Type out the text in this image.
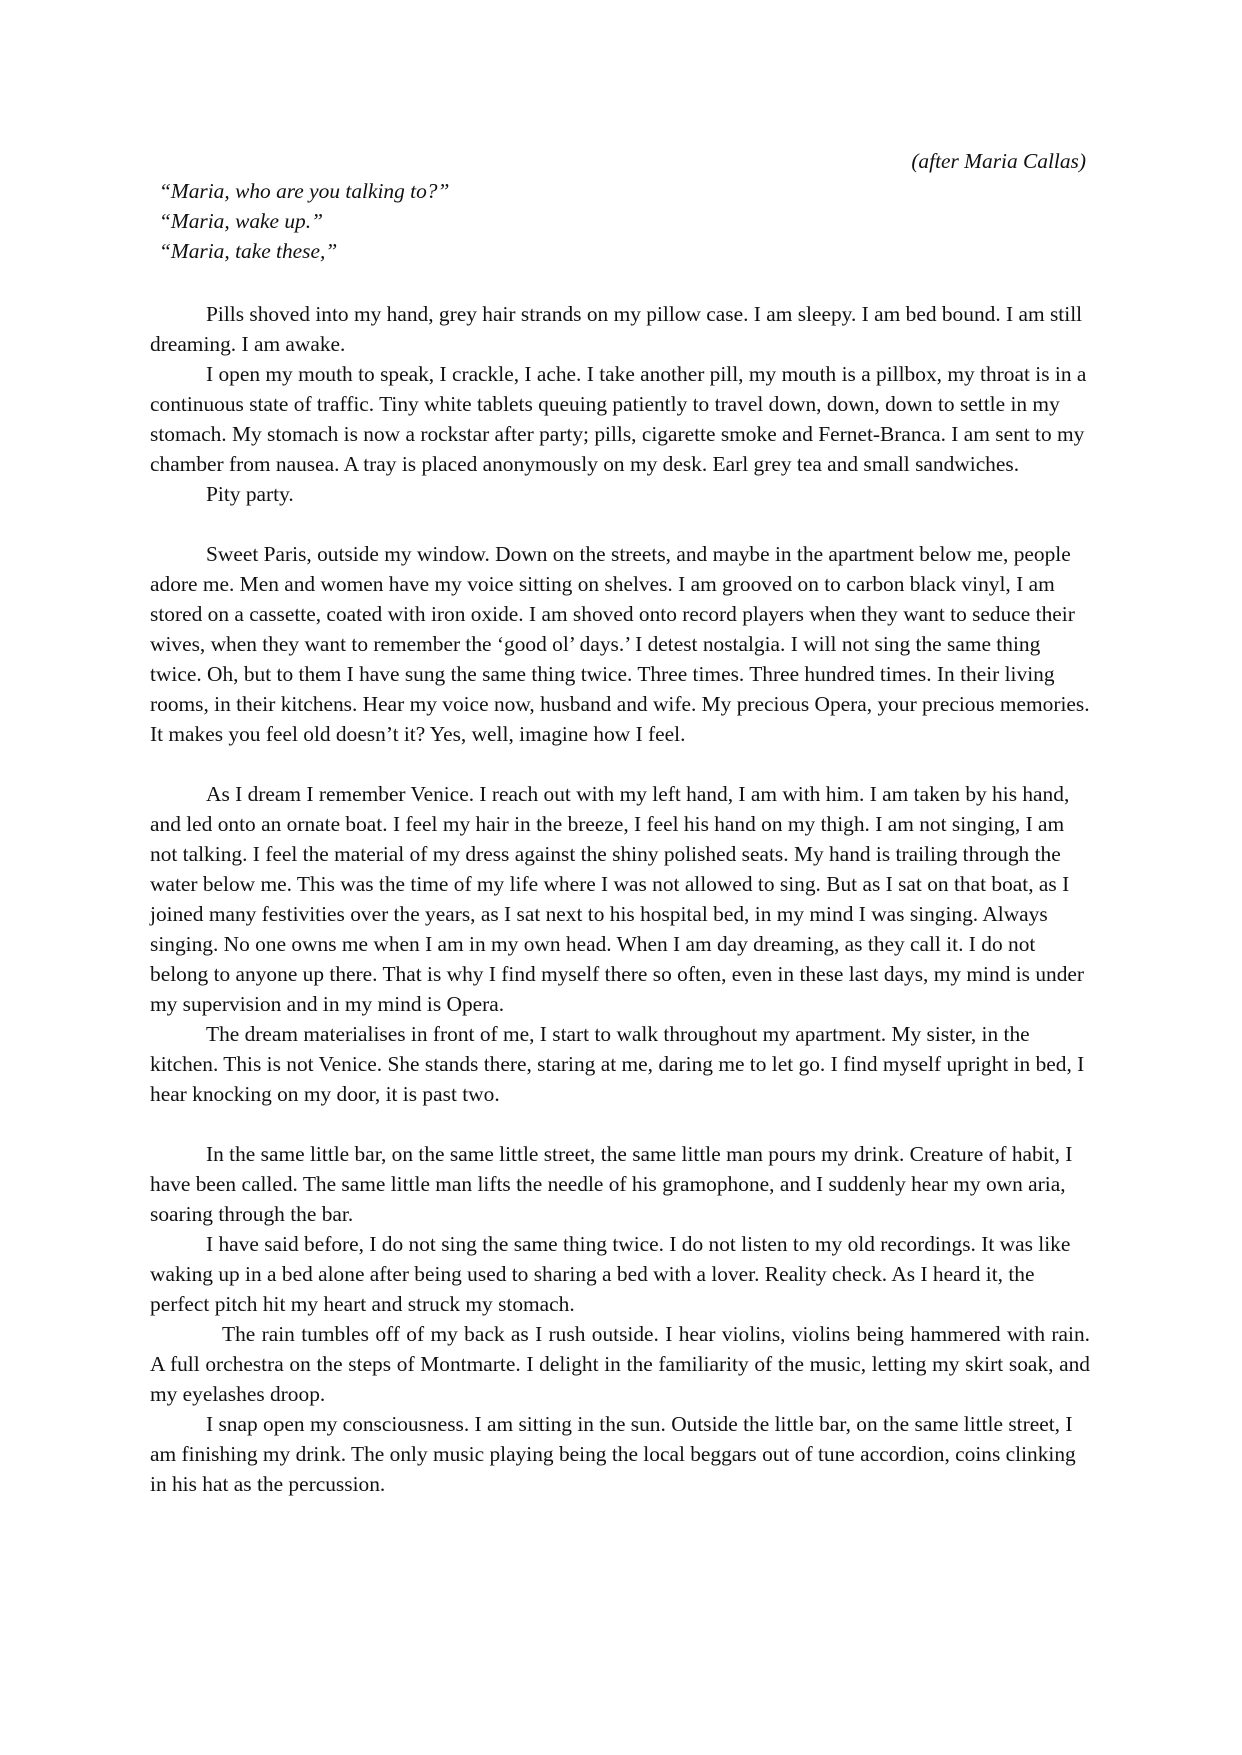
(after Maria Callas)
“Maria, who are you talking to?”
“Maria, wake up.”
“Maria, take these,”

Pills shoved into my hand, grey hair strands on my pillow case. I am sleepy. I am bed bound. I am still dreaming. I am awake.

I open my mouth to speak, I crackle, I ache. I take another pill, my mouth is a pillbox, my throat is in a continuous state of traffic. Tiny white tablets queuing patiently to travel down, down, down to settle in my stomach. My stomach is now a rockstar after party; pills, cigarette smoke and Fernet-Branca. I am sent to my chamber from nausea. A tray is placed anonymously on my desk. Earl grey tea and small sandwiches.

Pity party.

Sweet Paris, outside my window. Down on the streets, and maybe in the apartment below me, people adore me. Men and women have my voice sitting on shelves. I am grooved on to carbon black vinyl, I am stored on a cassette, coated with iron oxide. I am shoved onto record players when they want to seduce their wives, when they want to remember the ‘good ol’ days.’ I detest nostalgia. I will not sing the same thing twice. Oh, but to them I have sung the same thing twice. Three times. Three hundred times. In their living rooms, in their kitchens. Hear my voice now, husband and wife. My precious Opera, your precious memories. It makes you feel old doesn’t it? Yes, well, imagine how I feel.

As I dream I remember Venice. I reach out with my left hand, I am with him. I am taken by his hand, and led onto an ornate boat. I feel my hair in the breeze, I feel his hand on my thigh. I am not singing, I am not talking. I feel the material of my dress against the shiny polished seats. My hand is trailing through the water below me. This was the time of my life where I was not allowed to sing. But as I sat on that boat, as I joined many festivities over the years, as I sat next to his hospital bed, in my mind I was singing. Always singing. No one owns me when I am in my own head. When I am day dreaming, as they call it. I do not belong to anyone up there. That is why I find myself there so often, even in these last days, my mind is under my supervision and in my mind is Opera.

The dream materialises in front of me, I start to walk throughout my apartment. My sister, in the kitchen. This is not Venice. She stands there, staring at me, daring me to let go. I find myself upright in bed, I hear knocking on my door, it is past two.

In the same little bar, on the same little street, the same little man pours my drink. Creature of habit, I have been called. The same little man lifts the needle of his gramophone, and I suddenly hear my own aria, soaring through the bar.

I have said before, I do not sing the same thing twice. I do not listen to my old recordings. It was like waking up in a bed alone after being used to sharing a bed with a lover. Reality check. As I heard it, the perfect pitch hit my heart and struck my stomach.

The rain tumbles off of my back as I rush outside. I hear violins, violins being hammered with rain. A full orchestra on the steps of Montmarte. I delight in the familiarity of the music, letting my skirt soak, and my eyelashes droop.

I snap open my consciousness. I am sitting in the sun. Outside the little bar, on the same little street, I am finishing my drink. The only music playing being the local beggars out of tune accordion, coins clinking in his hat as the percussion.
